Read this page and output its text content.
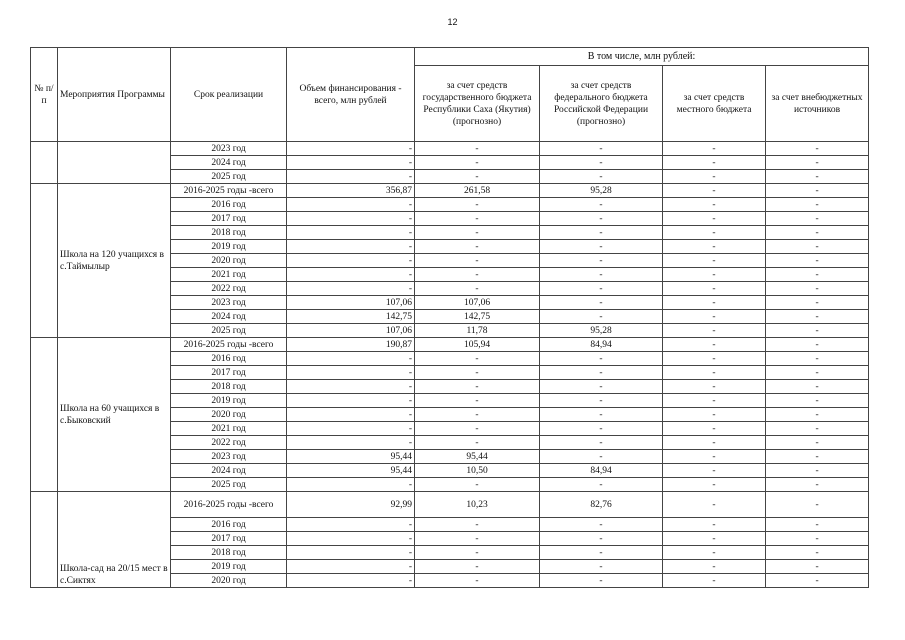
12
№ п/п	Мероприятия Программы	Срок реализации	Объем финансирования - всего, млн рублей	В том числе, млн рублей:			
				за счет средств государственного бюджета Республики Саха (Якутия) (прогнозно)	за счет средств федерального бюджета Российской Федерации (прогнозно)	за счет средств местного бюджета	за счет внебюджетных источников
		2023 год	-	-	-	-	-
		2024 год	-	-	-	-	-
		2025 год	-	-	-	-	-
	Школа на 120 учащихся в с.Таймылыр	2016-2025 годы -всего	356,87	261,58	95,28	-	-
		2016 год	-	-	-	-	-
		2017 год	-	-	-	-	-
		2018 год	-	-	-	-	-
		2019 год	-	-	-	-	-
		2020 год	-	-	-	-	-
		2021 год	-	-	-	-	-
		2022 год	-	-	-	-	-
		2023 год	107,06	107,06	-	-	-
		2024 год	142,75	142,75	-	-	-
		2025 год	107,06	11,78	95,28	-	-
	Школа на 60 учащихся в с.Быковский	2016-2025 годы -всего	190,87	105,94	84,94	-	-
		2016 год	-	-	-	-	-
		2017 год	-	-	-	-	-
		2018 год	-	-	-	-	-
		2019 год	-	-	-	-	-
		2020 год	-	-	-	-	-
		2021 год	-	-	-	-	-
		2022 год	-	-	-	-	-
		2023 год	95,44	95,44	-	-	-
		2024 год	95,44	10,50	84,94	-	-
		2025 год	-	-	-	-	-
	Школа-сад на 20/15 мест в с.Сиктях	2016-2025 годы -всего	92,99	10,23	82,76	-	-
		2016 год	-	-	-	-	-
		2017 год	-	-	-	-	-
		2018 год	-	-	-	-	-
		2019 год	-	-	-	-	-
		2020 год	-	-	-	-	-
